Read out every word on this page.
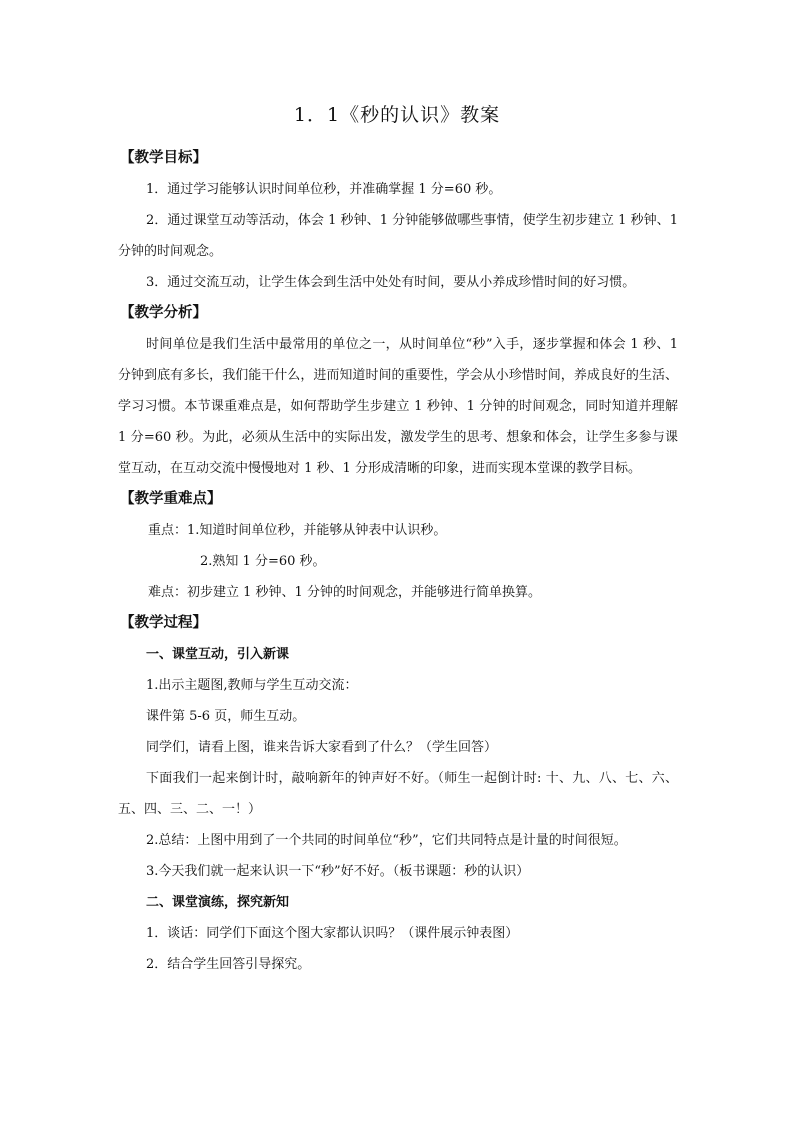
1．1《秒的认识》教案
【教学目标】

1．通过学习能够认识时间单位秒，并准确掌握 1 分=60 秒。

2．通过课堂互动等活动，体会 1 秒钟、1 分钟能够做哪些事情，使学生初步建立 1 秒钟、1 分钟的时间观念。

3．通过交流互动，让学生体会到生活中处处有时间，要从小养成珍惜时间的好习惯。

【教学分析】

时间单位是我们生活中最常用的单位之一，从时间单位“秒”入手，逐步掌握和体会 1 秒、1 分钟到底有多长，我们能干什么，进而知道时间的重要性，学会从小珍惜时间，养成良好的生活、学习习惯。本节课重难点是，如何帮助学生步建立 1 秒钟、1 分钟的时间观念，同时知道并理解 1 分=60 秒。为此，必须从生活中的实际出发，激发学生的思考、想象和体会，让学生多参与课堂互动，在互动交流中慢慢地对 1 秒、1 分形成清晰的印象，进而实现本堂课的教学目标。

【教学重难点】
重点：1.知道时间单位秒，并能够从钟表中认识秒。
2.熟知 1 分=60 秒。
难点：初步建立 1 秒钟、1 分钟的时间观念，并能够进行简单换算。
【教学过程】

一、课堂互动，引入新课

1.出示主题图,教师与学生互动交流：

课件第 5-6 页，师生互动。

同学们，请看上图，谁来告诉大家看到了什么？（学生回答）

下面我们一起来倒计时，敲响新年的钟声好不好。（师生一起倒计时: 十、九、八、七、六、五、四、三、二、一！）

2.总结：上图中用到了一个共同的时间单位“秒”，它们共同特点是计量的时间很短。

3.今天我们就一起来认识一下“秒”好不好。（板书课题：秒的认识）

二、课堂演练，探究新知

1．谈话：同学们下面这个图大家都认识吗？（课件展示钟表图）

2．结合学生回答引导探究。
